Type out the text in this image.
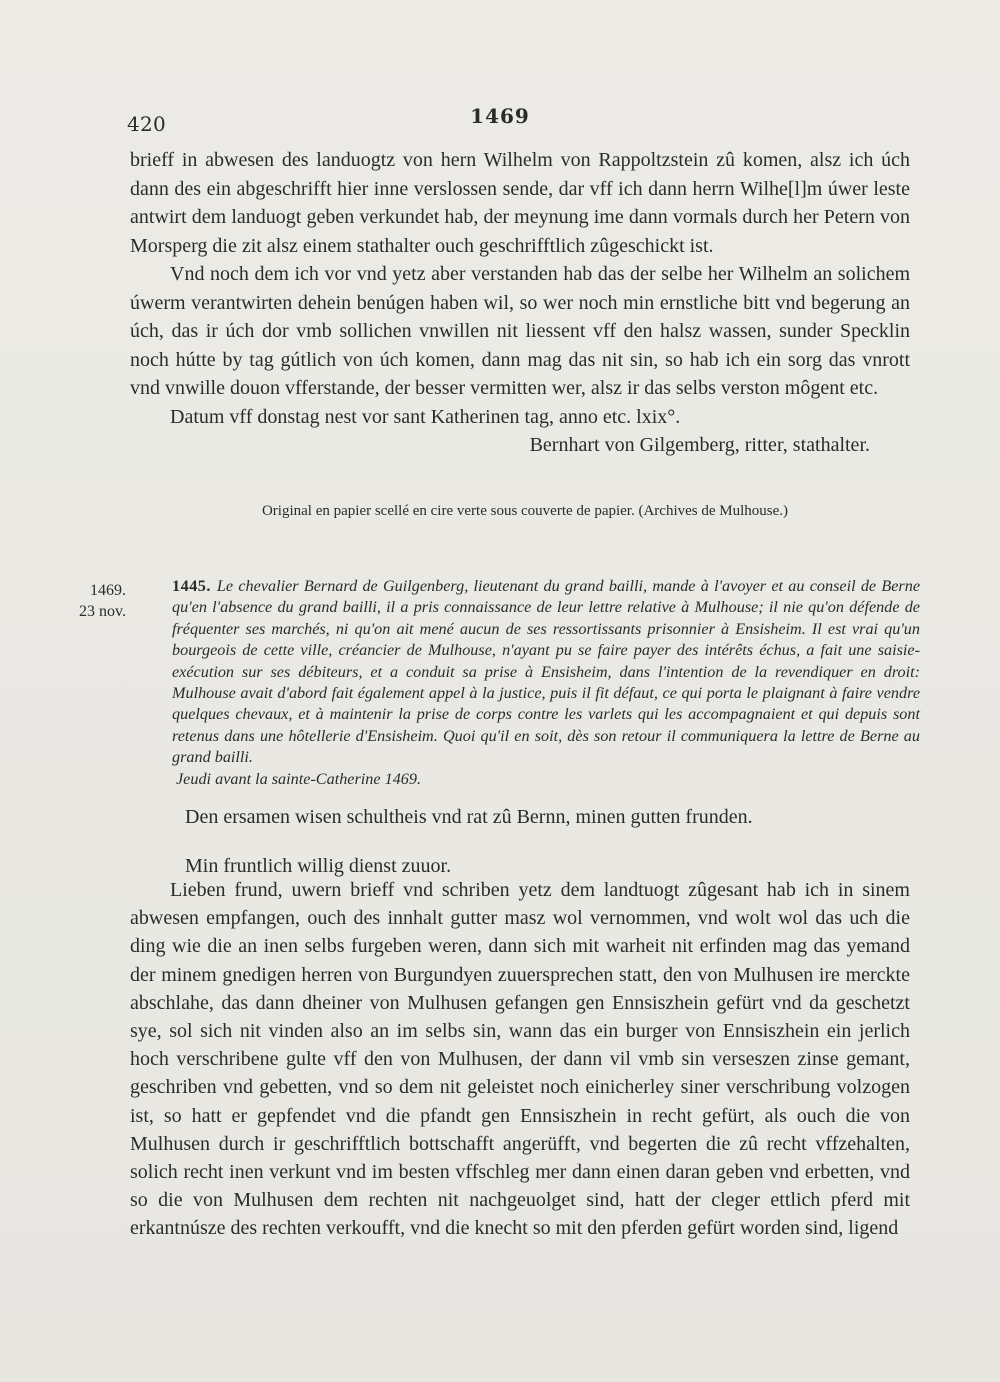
420	1469

brieff in abwesen des landuogtz von hern Wilhelm von Rappoltzstein zû komen, alsz ich úch dann des ein abgeschrifft hier inne verslossen sende, dar vff ich dann herrn Wilhe[l]m úwer leste antwirt dem landuogt geben verkundet hab, der meynung ime dann vormals durch her Petern von Morsperg die zit alsz einem stathalter ouch geschrifftlich zûgeschickt ist.

Vnd noch dem ich vor vnd yetz aber verstanden hab das der selbe her Wilhelm an solichem úwerm verantwirten dehein benúgen haben wil, so wer noch min ernstliche bitt vnd begerung an úch, das ir úch dor vmb sollichen vnwillen nit liessent vff den halsz wassen, sunder Specklin noch hútte by tag gútlich von úch komen, dann mag das nit sin, so hab ich ein sorg das vnrott vnd vnwille douon vfferstande, der besser vermitten wer, alsz ir das selbs verston môgent etc.

Datum vff donstag nest vor sant Katherinen tag, anno etc. lxix°.

Bernhart von Gilgemberg, ritter, stathalter.

Original en papier scellé en cire verte sous couverte de papier. (Archives de Mulhouse.)
1469.
23 nov.
1445. Le chevalier Bernard de Guilgenberg, lieutenant du grand bailli, mande à l'avoyer et au conseil de Berne qu'en l'absence du grand bailli, il a pris connaissance de leur lettre relative à Mulhouse; il nie qu'on défende de fréquenter ses marchés, ni qu'on ait mené aucun de ses ressortissants prisonnier à Ensisheim. Il est vrai qu'un bourgeois de cette ville, créancier de Mulhouse, n'ayant pu se faire payer des intérêts échus, a fait une saisie-exécution sur ses débiteurs, et a conduit sa prise à Ensisheim, dans l'intention de la revendiquer en droit: Mulhouse avait d'abord fait également appel à la justice, puis il fit défaut, ce qui porta le plaignant à faire vendre quelques chevaux, et à maintenir la prise de corps contre les varlets qui les accompagnaient et qui depuis sont retenus dans une hôtellerie d'Ensisheim. Quoi qu'il en soit, dès son retour il communiquera la lettre de Berne au grand bailli.
Jeudi avant la sainte-Catherine 1469.
Den ersamen wisen schultheis vnd rat zû Bernn, minen gutten frunden.
Min fruntlich willig dienst zuuor.

Lieben frund, uwern brieff vnd schriben yetz dem landtuogt zûgesant hab ich in sinem abwesen empfangen, ouch des innhalt gutter masz wol vernommen, vnd wolt wol das uch die ding wie die an inen selbs furgeben weren, dann sich mit warheit nit erfinden mag das yemand der minem gnedigen herren von Burgundyen zuuersprechen statt, den von Mulhusen ire merckte abschlahe, das dann dheiner von Mulhusen gefangen gen Ennsiszhein gefürt vnd da geschetzt sye, sol sich nit vinden also an im selbs sin, wann das ein burger von Ennsiszhein ein jerlich hoch verschribene gulte vff den von Mulhusen, der dann vil vmb sin verseszen zinse gemant, geschriben vnd gebetten, vnd so dem nit geleistet noch einicherley siner verschribung volzogen ist, so hatt er gepfendet vnd die pfandt gen Ennsiszhein in recht gefürt, als ouch die von Mulhusen durch ir geschrifftlich bottschafft angerüfft, vnd begerten die zû recht vffzehalten, solich recht inen verkunt vnd im besten vffschleg mer dann einen daran geben vnd erbetten, vnd so die von Mulhusen dem rechten nit nachgeuolget sind, hatt der cleger ettlich pferd mit erkantnúsze des rechten verkoufft, vnd die knecht so mit den pferden gefürt worden sind, ligend
